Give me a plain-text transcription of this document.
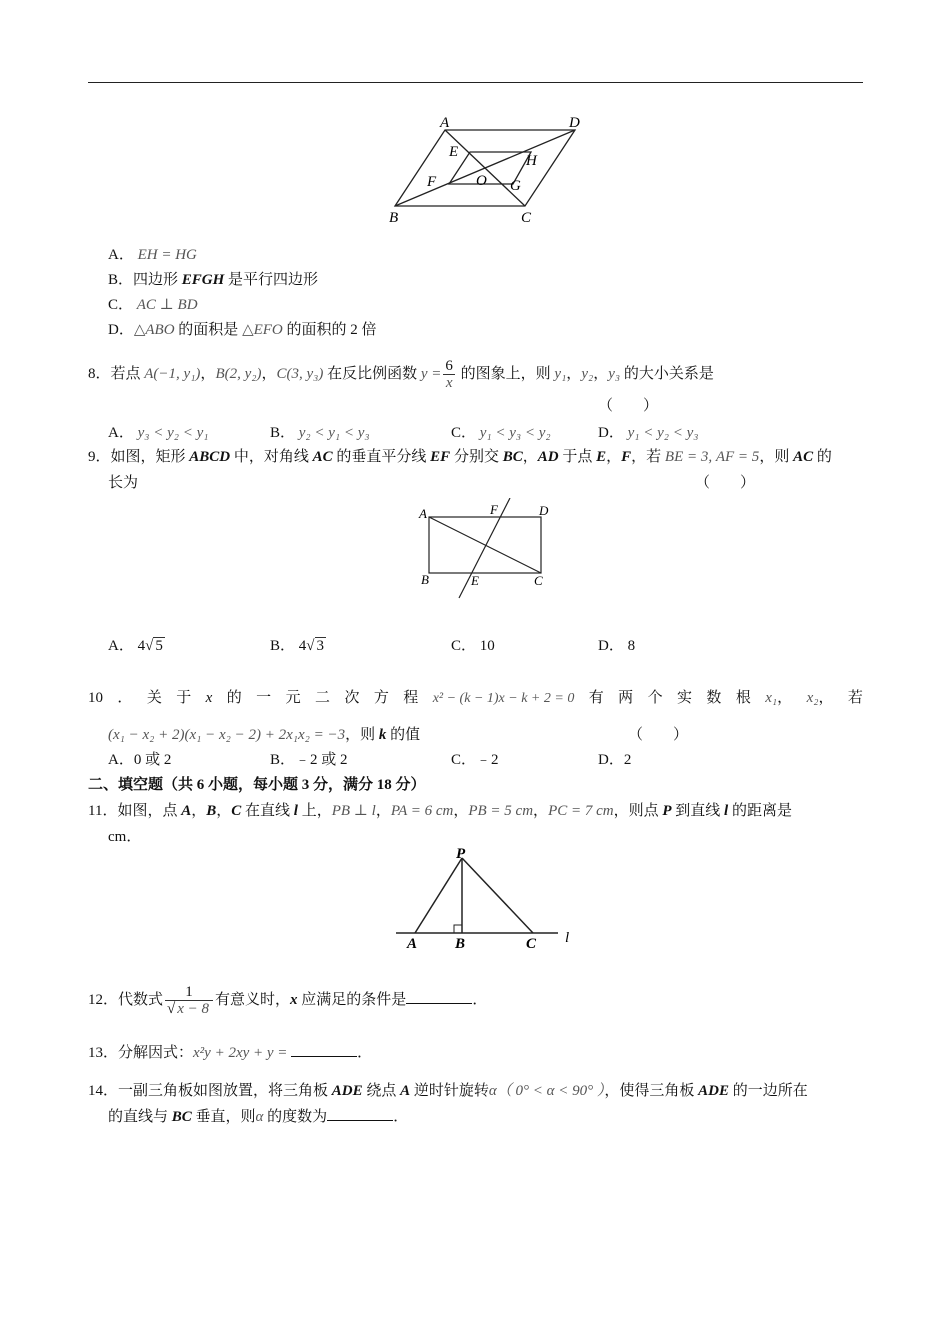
A	D
E
H
F	O G
B	C
A． EH = HG
B．四边形 EFGH 是平行四边形
C． AC ⊥ BD
D．△ABO 的面积是 △EFO 的面积的 2 倍
8．若点 A(−1, y₁)，B(2, y₂)，C(3, y₃) 在反比例函数 $y = \frac{6}{x}$ 的图象上，则 y₁，y₂，y₃ 的大小关系是
（　　）
A． y₃ < y₂ < y₁	B． y₂ < y₁ < y₃	C． y₁ < y₃ < y₂	D． y₁ < y₂ < y₃
9．如图，矩形 ABCD 中，对角线 AC 的垂直平分线 EF 分别交 BC，AD 于点 E，F，若 BE = 3, AF = 5，则 AC 的
长为	（　　）
A	F	D
B	E	C
A． 4√ 5	B． 4√ 3	C． 10	D． 8
10 ． 关 于 x 的 一 元 二 次 方 程 x² − (k − 1)x − k + 2 = 0 有 两 个 实 数 根 x₁， x₂， 若
(x₁ − x₂ + 2)(x₁ − x₂ − 2) + 2x₁x₂ = −3，则 k 的值	（　　）
A．0 或 2	B．﹣2 或 2	C．﹣2	D．2
二、填空题（共 6 小题，每小题 3 分，满分 18 分）
11．如图，点 A，B，C 在直线 l 上，PB ⊥ l，PA = 6 cm，PB = 5 cm，PC = 7 cm，则点 P 到直线 l 的距离是
cm．
P
A	B	C l
12．代数式 $\frac{1}{√ x - 8}$ 有意义时，x 应满足的条件是	．
13．分解因式：x²y + 2xy + y =	．
14．一副三角板如图放置，将三角板 ADE 绕点 A 逆时针旋转α（ 0° < α < 90° ），使得三角板 ADE 的一边所在
的直线与 BC 垂直，则α 的度数为	．
